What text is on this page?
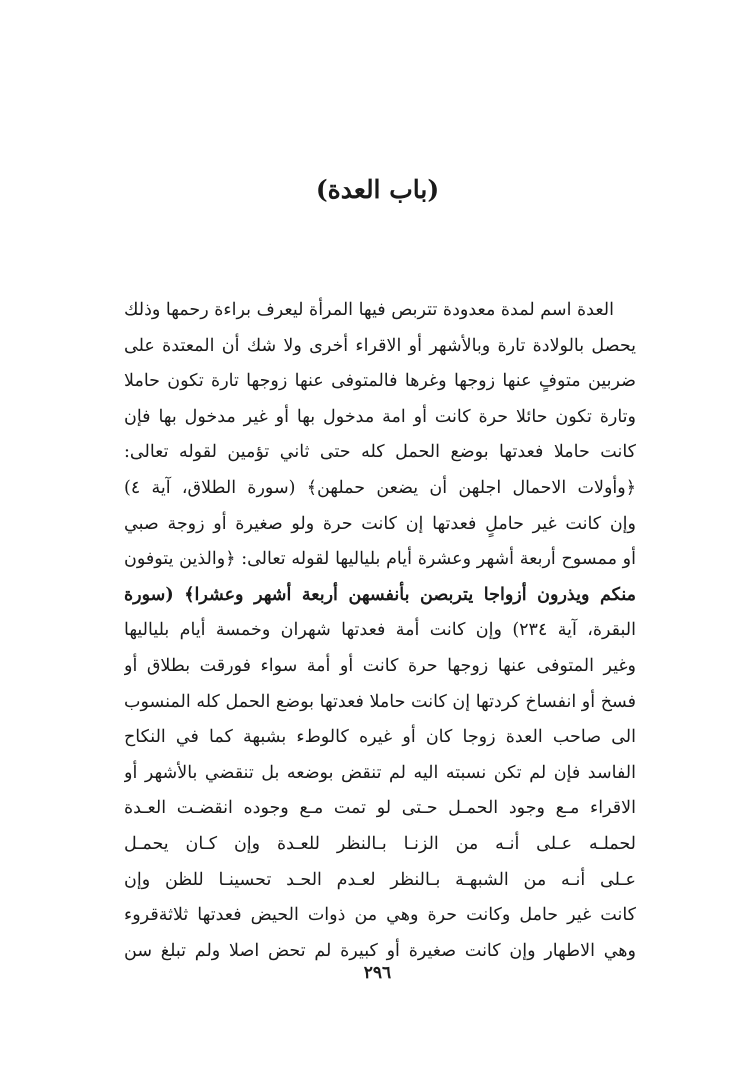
(باب العدة)
العدة اسم لمدة معدودة تتربص فيها المرأة ليعرف براءة رحمها وذلك
يحصل بالولادة تارة وبالأشهر أو الاقراء أخرى ولا شك أن المعتدة على
ضربين متوفٍ عنها زوجها وغرها فالمتوفى عنها زوجها تارة تكون حاملا
وتارة تكون حائلا حرة كانت أو امة مدخول بها أو غير مدخول بها فإن
كانت حاملا فعدتها بوضع الحمل كله حتى ثاني تؤمين لقوله تعالى:
﴿وأولات الاحمال اجلهن أن يضعن حملهن﴾ (سورة الطلاق، آية ٤)
وإن كانت غير حاملٍ فعدتها إن كانت حرة ولو صغيرة أو زوجة صبي
أو ممسوح أربعة أشهر وعشرة أيام بلياليها لقوله تعالى: ﴿والذين يتوفون
منكم ويذرون أزواجا يتربصن بأنفسهن أربعة أشهر وعشرا﴾ (سورة
البقرة، آية ٢٣٤) وإن كانت أمة فعدتها شهران وخمسة أيام بلياليها
وغير المتوفى عنها زوجها حرة كانت أو أمة سواء فورقت بطلاق أو
فسخ أو انفساخ كردتها إن كانت حاملا فعدتها بوضع الحمل كله المنسوب
الى صاحب العدة زوجا كان أو غيره كالوطء بشبهة كما في النكاح
الفاسد فإن لم تكن نسبته اليه لم تنقض بوضعه بل تنقضي بالأشهر أو
الاقراء مـع وجود الحمـل حـتى لو تمت مـع وجوده انقضـت العـدة
لحملـه عـلى أنـه من الزنـا بـالنظر للعـدة وإن كـان يحمـل
عـلى أنـه من الشبهـة بـالنظر لعـدم الحـد تحسينـا للظن وإن
كانت غير حامل وكانت حرة وهي من ذوات الحيض فعدتها ثلاثةقروء
وهي الاطهار وإن كانت صغيرة أو كبيرة لم تحض اصلا ولم تبلغ سن
٢٩٦
